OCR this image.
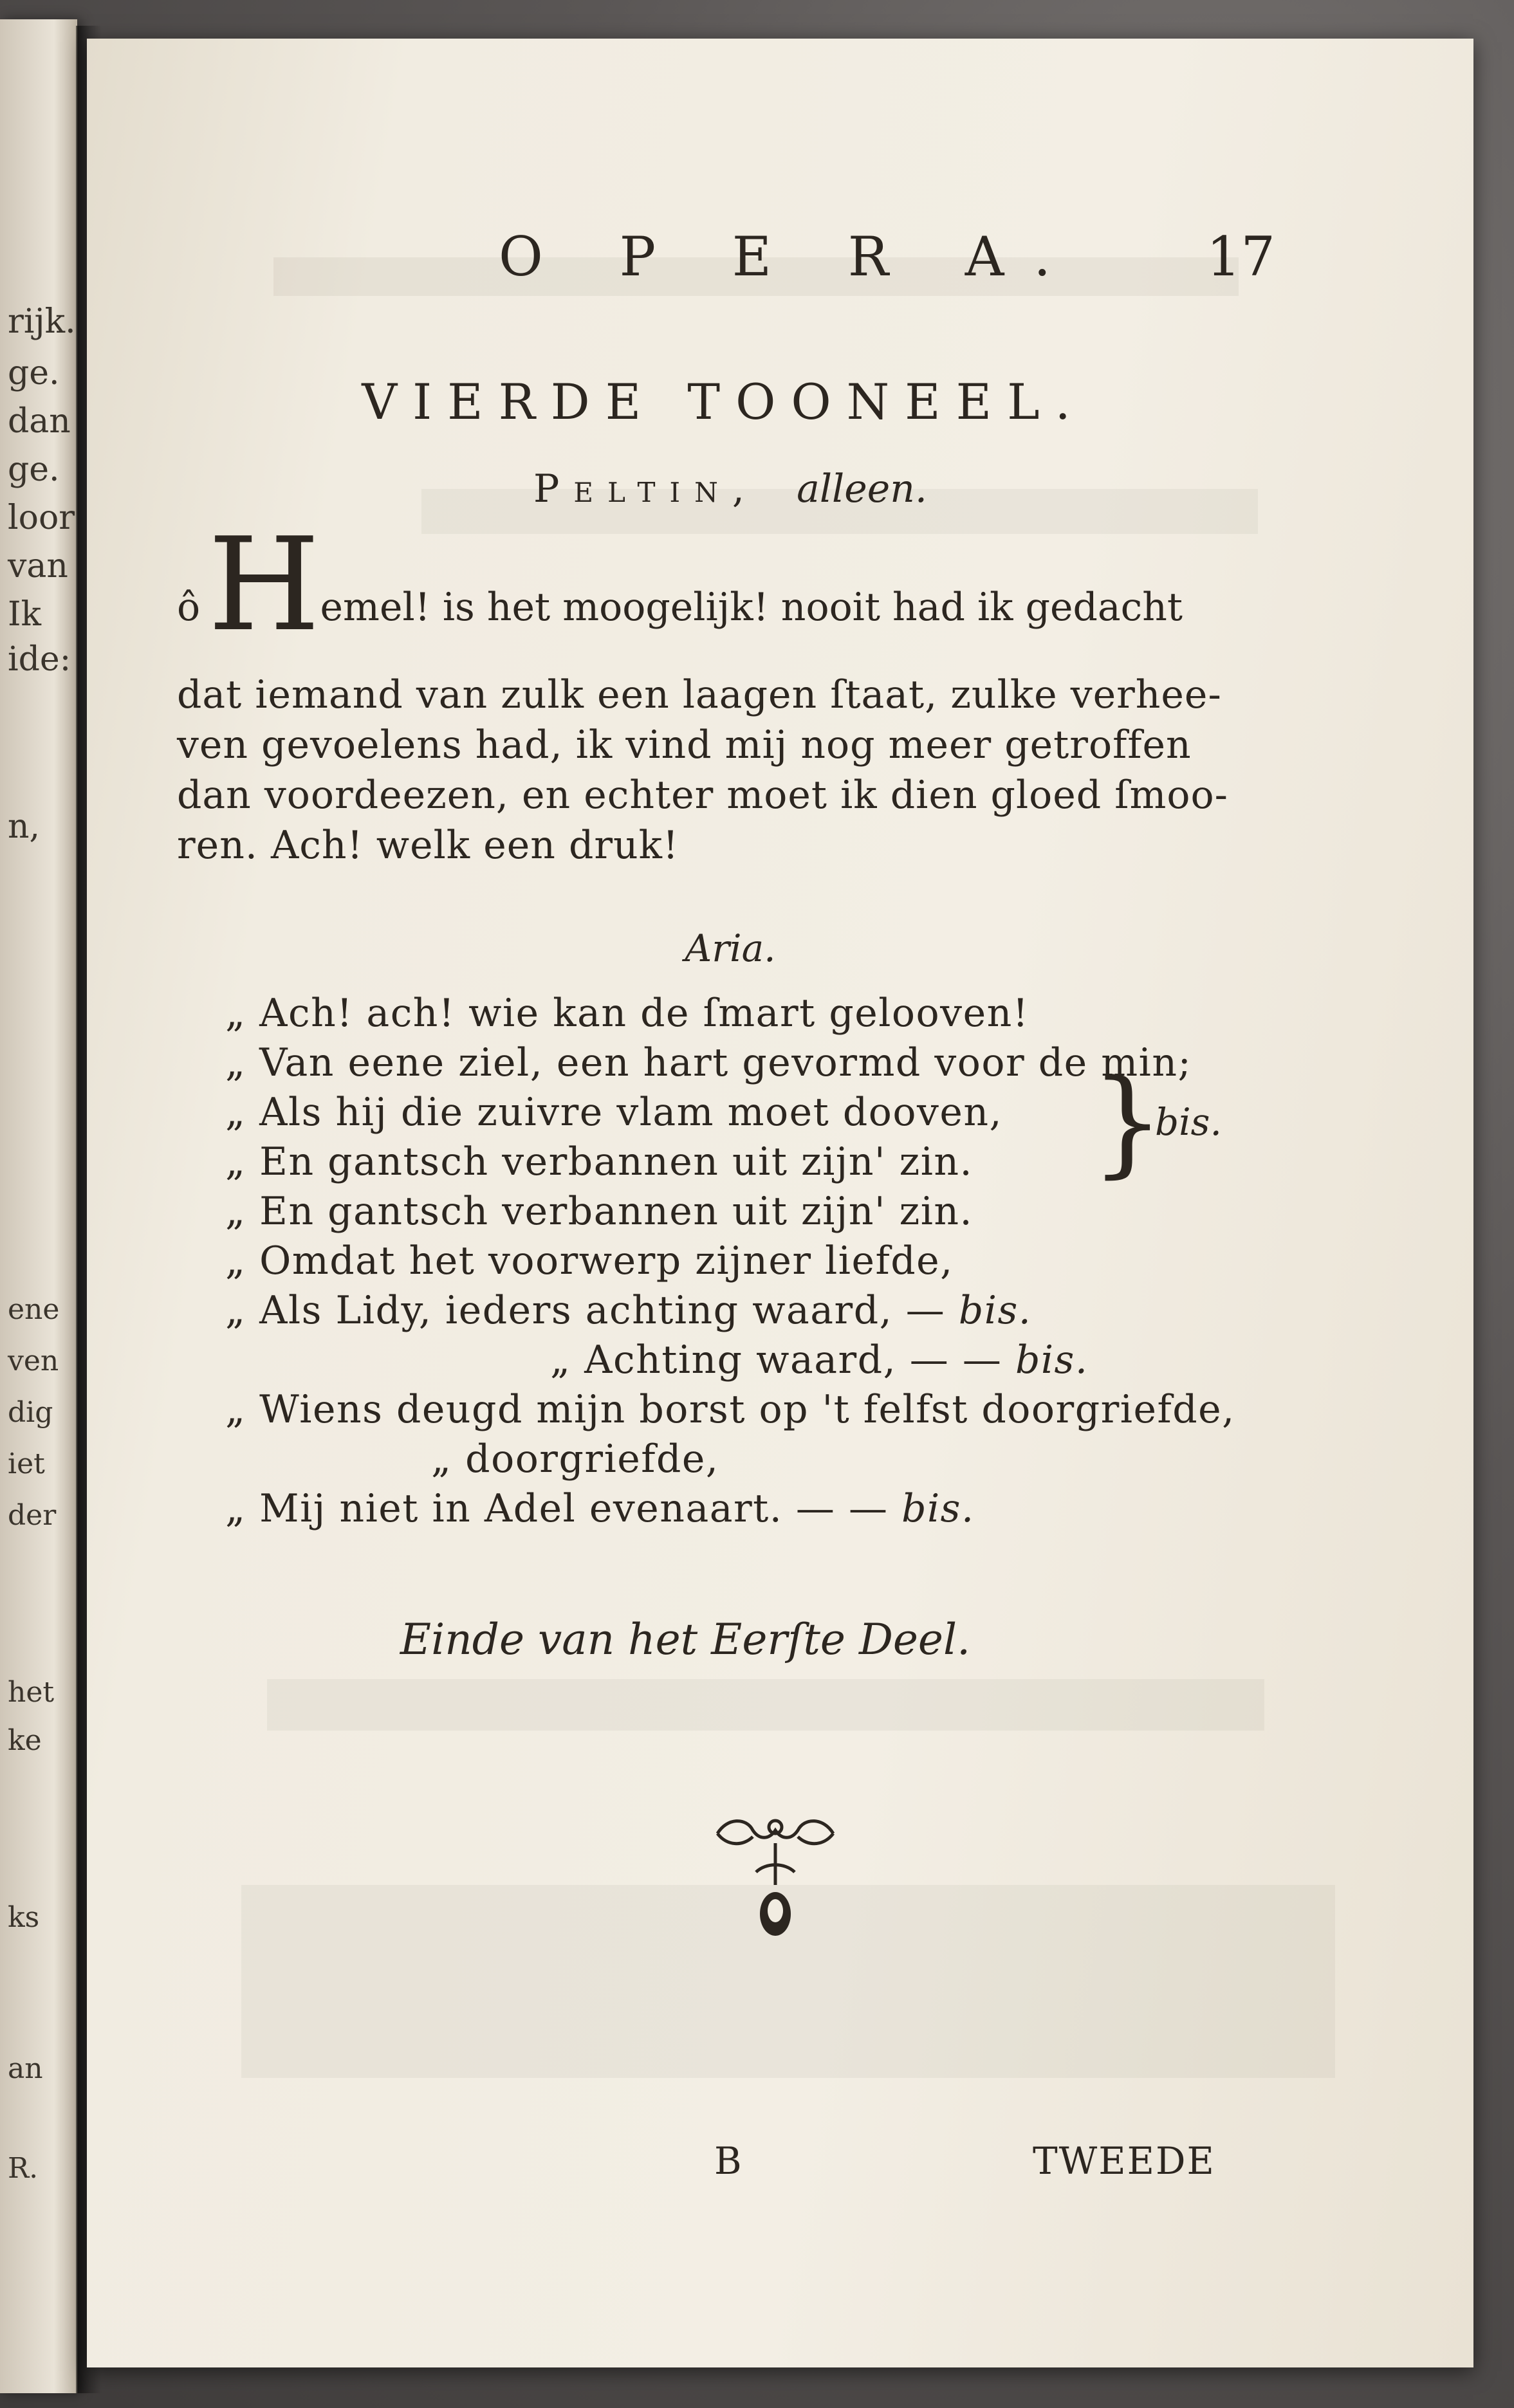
rijk.
ge.
dan
ge.
loor
van
Ik
ide:
n,
ene
ven
dig
iet
der
het
ke
ks
an
R.
O P E R A. 17
VIERDE TOONEEL.
Peltin, alleen.
ôHemel! is het moogelijk! nooit had ik gedacht
dat iemand van zulk een laagen ſtaat, zulke verhee-
ven gevoelens had, ik vind mij nog meer getroffen
dan voordeezen, en echter moet ik dien gloed ſmoo-
ren. Ach! welk een druk!
Aria.
„ Ach! ach! wie kan de ſmart gelooven!
„ Van eene ziel, een hart gevormd voor de min;
„ Als hij die zuivre vlam moet dooven,
„ En gantsch verbannen uit zijn' zin. }
bis.
„ En gantsch verbannen uit zijn' zin.
„ Omdat het voorwerp zijner liefde,
„ Als Lidy, ieders achting waard, — bis.
„ Achting waard, — — bis.
„ Wiens deugd mijn borst op 't felfst doorgriefde,
„ doorgriefde,
„ Mij niet in Adel evenaart. — — bis.
Einde van het Eerſte Deel.
B	TWEEDE
